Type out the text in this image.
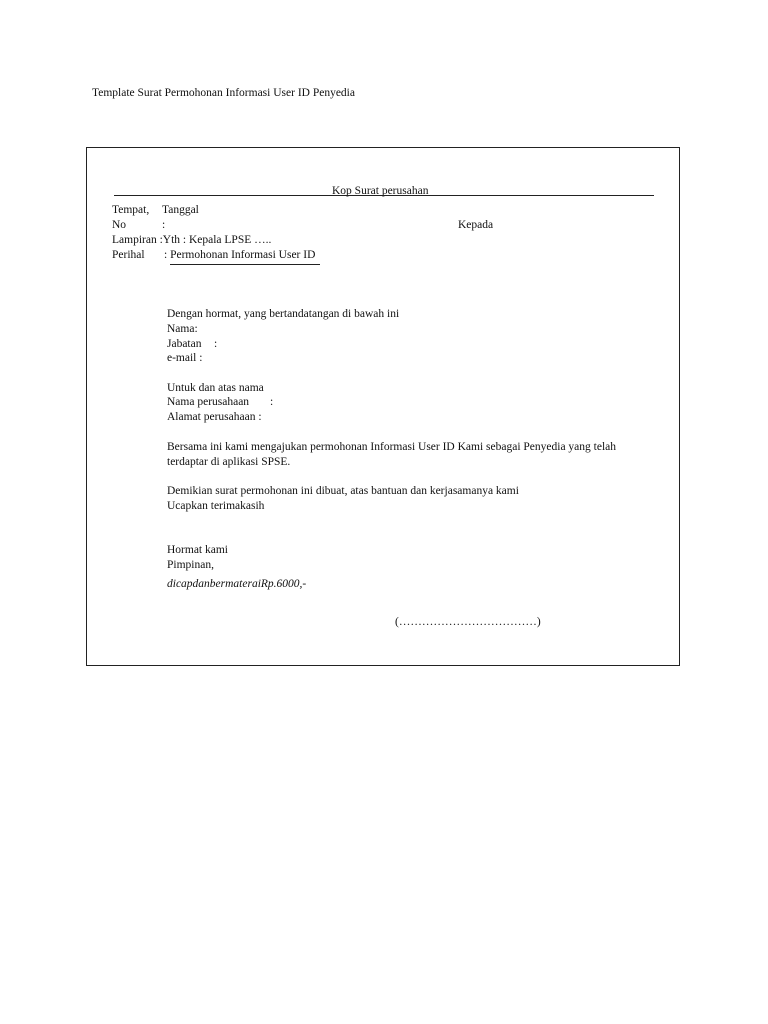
Template Surat Permohonan Informasi User ID Penyedia
Kop Surat perusahan
Tempat, Tanggal
No	:	Kepada
Lampiran :Yth : Kepala LPSE …..
Perihal : Permohonan Informasi User ID
Dengan hormat, yang bertandatangan di bawah ini
Nama:
Jabatan :
e-mail :
Untuk dan atas nama
Nama perusahaan :
Alamat perusahaan :
Bersama ini kami mengajukan permohonan Informasi User ID Kami sebagai Penyedia yang telah
terdaptar di aplikasi SPSE.
Demikian surat permohonan ini dibuat, atas bantuan dan kerjasamanya kami
Ucapkan terimakasih
Hormat kami
Pimpinan,
dicapdanbermateraiRp.6000,-
(………………………………)
